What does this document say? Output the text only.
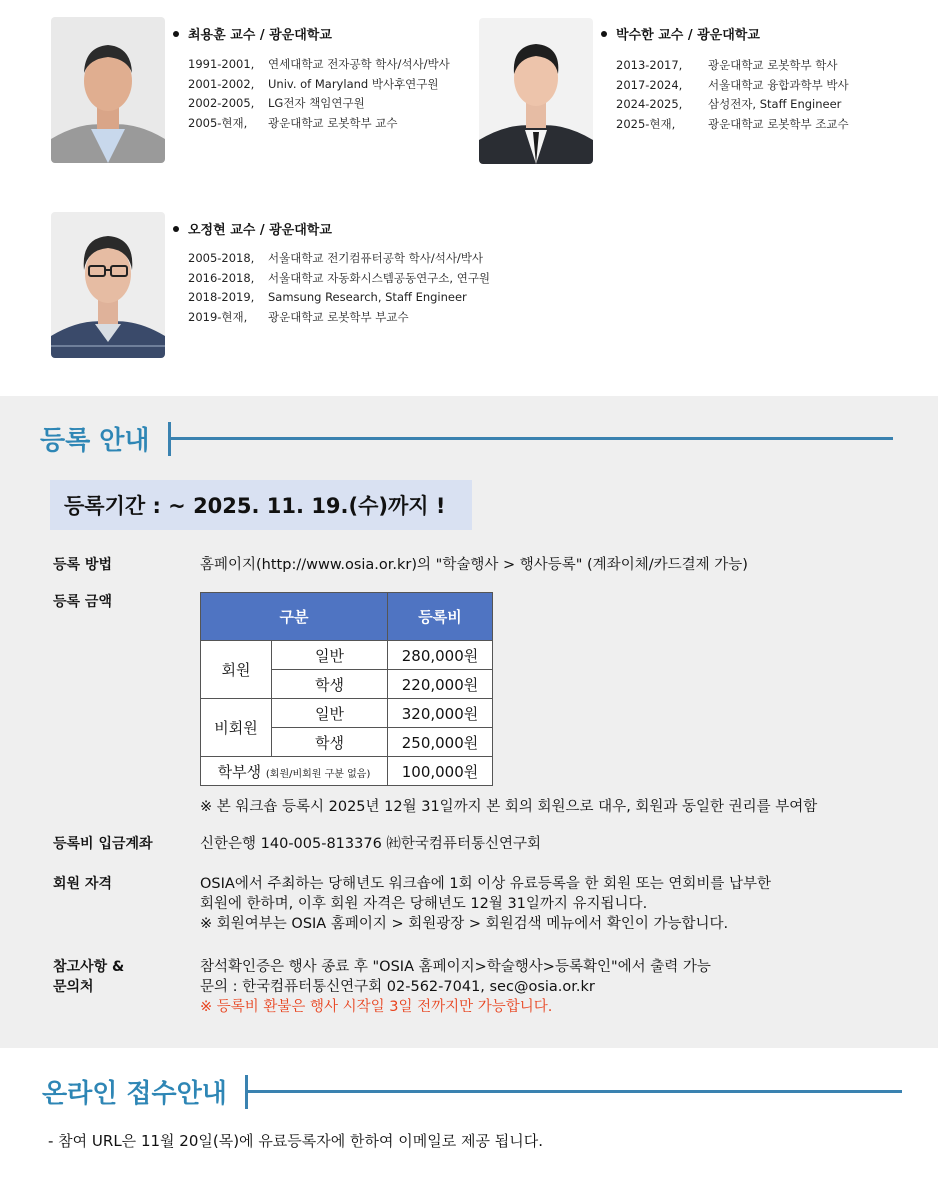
최용훈 교수 / 광운대학교
1991-2001,	연세대학교 전자공학 학사/석사/박사
2001-2002,	Univ. of Maryland 박사후연구원
2002-2005,	LG전자 책임연구원
2005-현재,	광운대학교 로봇학부 교수
박수한 교수 / 광운대학교
2013-2017,	광운대학교 로봇학부 학사
2017-2024,	서울대학교 융합과학부 박사
2024-2025,	삼성전자, Staff Engineer
2025-현재,	광운대학교 로봇학부 조교수
오정현 교수 / 광운대학교
2005-2018,	서울대학교 전기컴퓨터공학 학사/석사/박사
2016-2018,	서울대학교 자동화시스템공동연구소, 연구원
2018-2019,	Samsung Research, Staff Engineer
2019-현재,	광운대학교 로봇학부 부교수
등록 안내
등록기간 : ~ 2025. 11. 19.(수)까지 !
등록 방법	홈페이지(http://www.osia.or.kr)의 "학술행사 > 행사등록" (계좌이체/카드결제 가능)
등록 금액
구분		등록비
회원	일반	280,000원
	학생	220,000원
비회원	일반	320,000원
	학생	250,000원
학부생 (회원/비회원 구분 없음)		100,000원
※ 본 워크숍 등록시 2025년 12월 31일까지 본 회의 회원으로 대우, 회원과 동일한 권리를 부여함
등록비 입금계좌	신한은행 140-005-813376 ㈳한국컴퓨터통신연구회
회원 자격	OSIA에서 주최하는 당해년도 워크숍에 1회 이상 유료등록을 한 회원 또는 연회비를 납부한
회원에 한하며, 이후 회원 자격은 당해년도 12월 31일까지 유지됩니다.
※ 회원여부는 OSIA 홈페이지 > 회원광장 > 회원검색 메뉴에서 확인이 가능합니다.
참고사항 &
문의처
참석확인증은 행사 종료 후 "OSIA 홈페이지>학술행사>등록확인"에서 출력 가능
문의 : 한국컴퓨터통신연구회 02-562-7041, sec@osia.or.kr
※ 등록비 환불은 행사 시작일 3일 전까지만 가능합니다.
온라인 접수안내
- 참여 URL은 11월 20일(목)에 유료등록자에 한하여 이메일로 제공 됩니다.
